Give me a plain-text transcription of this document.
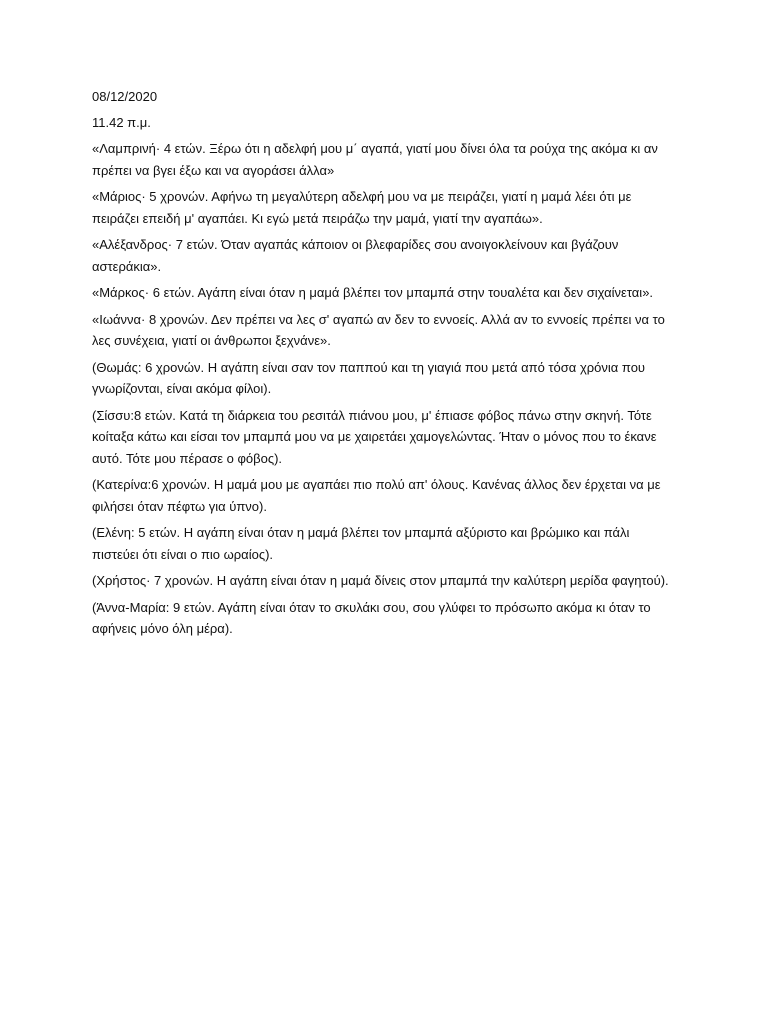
08/12/2020

11.42 π.μ.

«Λαμπρινή· 4 ετών. Ξέρω ότι η αδελφή μου μ΄ αγαπά, γιατί μου δίνει όλα τα ρούχα της ακόμα κι αν πρέπει να βγει έξω και να αγοράσει άλλα»

«Μάριος· 5 χρονών. Αφήνω τη μεγαλύτερη αδελφή μου να με πειράζει, γιατί η μαμά λέει ότι με πειράζει επειδή μ' αγαπάει. Κι εγώ μετά πειράζω την μαμά, γιατί την αγαπάω».

«Αλέξανδρος· 7 ετών. Όταν αγαπάς κάποιον οι βλεφαρίδες σου ανοιγοκλείνουν και βγάζουν αστεράκια».

«Μάρκος· 6 ετών. Αγάπη είναι όταν η μαμά βλέπει τον μπαμπά στην τουαλέτα και δεν σιχαίνεται».

«Ιωάννα· 8 χρονών. Δεν πρέπει να λες σ' αγαπώ αν δεν το εννοείς. Αλλά αν το εννοείς πρέπει να το λες συνέχεια, γιατί οι άνθρωποι ξεχνάνε».

(Θωμάς: 6 χρονών. Η αγάπη είναι σαν τον παππού και τη γιαγιά που μετά από τόσα χρόνια που γνωρίζονται, είναι ακόμα φίλοι).

(Σίσσυ:8 ετών. Κατά τη διάρκεια του ρεσιτάλ πιάνου μου, μ' έπιασε φόβος πάνω στην σκηνή. Τότε κοίταξα κάτω και είσαι τον μπαμπά μου να με χαιρετάει χαμογελώντας. Ήταν ο μόνος που το έκανε αυτό. Τότε μου πέρασε ο φόβος).

(Κατερίνα:6 χρονών. Η μαμά μου με αγαπάει πιο πολύ απ' όλους. Κανένας άλλος δεν έρχεται να με φιλήσει όταν πέφτω για ύπνο).

(Ελένη: 5 ετών. Η αγάπη είναι όταν η μαμά βλέπει τον μπαμπά αξύριστο και βρώμικο και πάλι πιστεύει ότι είναι ο πιο ωραίος).

(Χρήστος· 7 χρονών. Η αγάπη είναι όταν η μαμά δίνεις στον μπαμπά την καλύτερη μερίδα φαγητού).

(Άννα-Μαρία: 9 ετών. Αγάπη είναι όταν το σκυλάκι σου, σου γλύφει το πρόσωπο ακόμα κι όταν το αφήνεις μόνο όλη μέρα).
